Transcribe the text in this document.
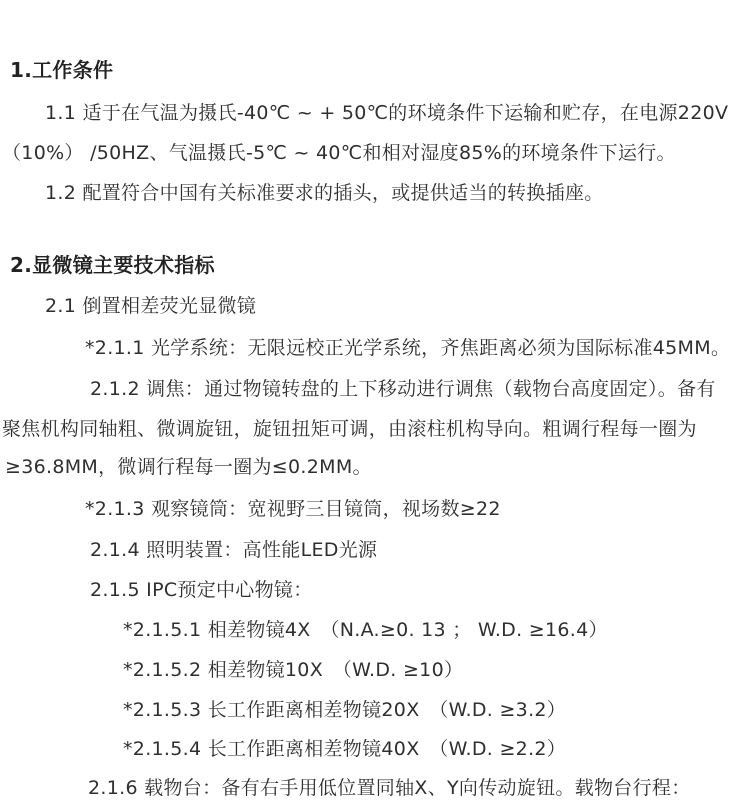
1.工作条件
1.1 适于在气温为摄氏-40℃ ~ + 50℃的环境条件下运输和贮存，在电源220V
（10%） /50HZ、气温摄氏-5℃ ~ 40℃和相对湿度85%的环境条件下运行。
1.2 配置符合中国有关标准要求的插头，或提供适当的转换插座。
2.显微镜主要技术指标
2.1 倒置相差荧光显微镜
*2.1.1 光学系统：无限远校正光学系统，齐焦距离必须为国际标准45MM。
2.1.2 调焦：通过物镜转盘的上下移动进行调焦（载物台高度固定）。备有
聚焦机构同轴粗、微调旋钮，旋钮扭矩可调，由滚柱机构导向。粗调行程每一圈为
≥36.8MM，微调行程每一圈为≤0.2MM。
*2.1.3 观察镜筒：宽视野三目镜筒，视场数≥22
2.1.4 照明装置：高性能LED光源
2.1.5 IPC预定中心物镜：
*2.1.5.1 相差物镜4X　（N.A.≥0. 13 ； W.D. ≥16.4）
*2.1.5.2 相差物镜10X　（W.D. ≥10）
*2.1.5.3 长工作距离相差物镜20X　（W.D. ≥3.2）
*2.1.5.4 长工作距离相差物镜40X　（W.D. ≥2.2）
2.1.6 载物台：备有右手用低位置同轴X、Y向传动旋钮。载物台行程：
